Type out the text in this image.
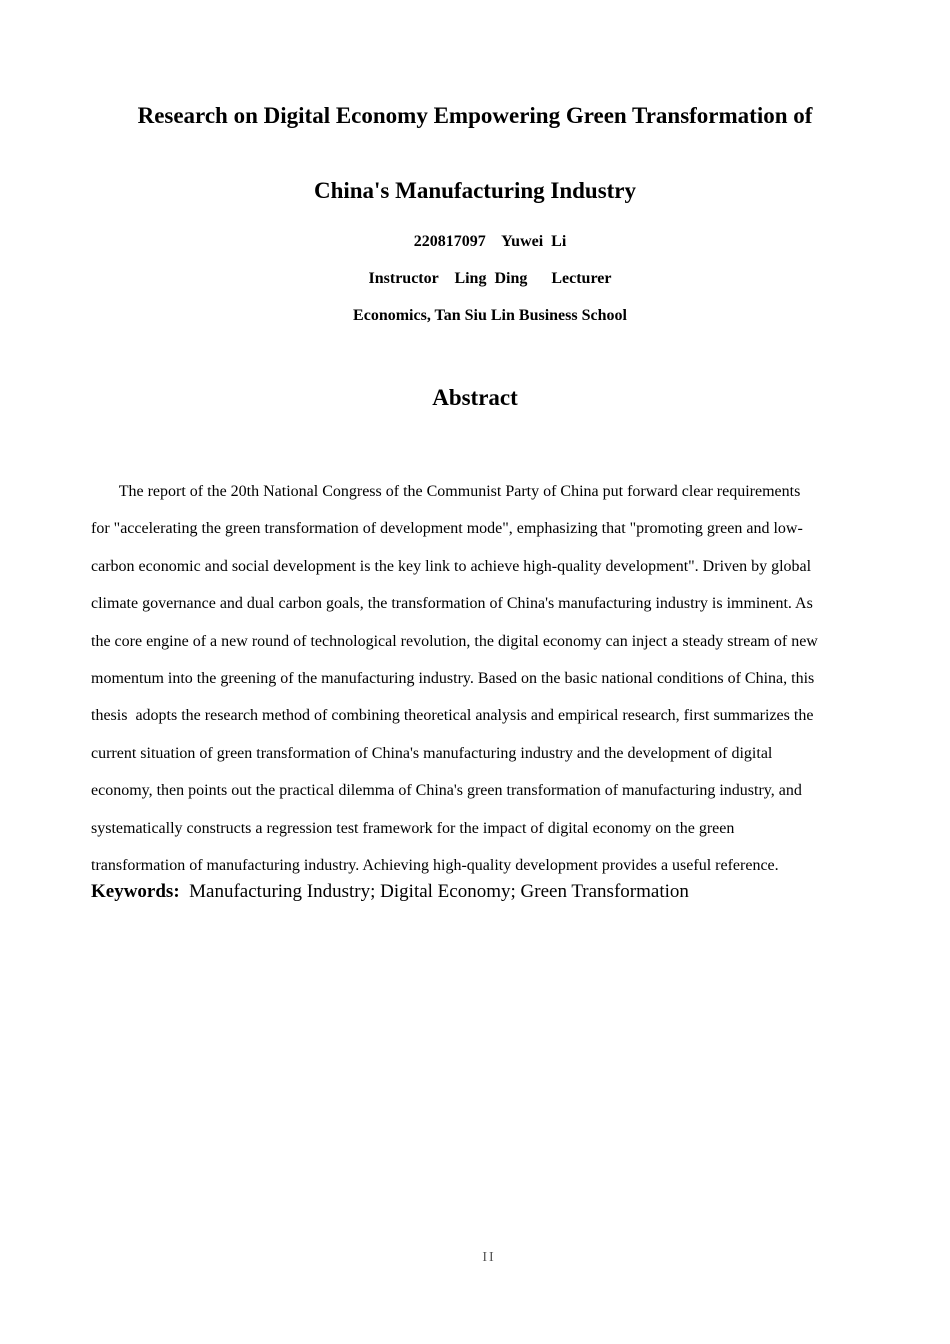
Research on Digital Economy Empowering Green Transformation of
China's Manufacturing Industry
220817097    Yuwei  Li
Instructor    Ling  Ding      Lecturer
Economics, Tan Siu Lin Business School
Abstract
The report of the 20th National Congress of the Communist Party of China put forward clear requirements
for "accelerating the green transformation of development mode", emphasizing that "promoting green and low-
carbon economic and social development is the key link to achieve high-quality development". Driven by global
climate governance and dual carbon goals, the transformation of China's manufacturing industry is imminent. As
the core engine of a new round of technological revolution, the digital economy can inject a steady stream of new
momentum into the greening of the manufacturing industry. Based on the basic national conditions of China, this
thesis  adopts the research method of combining theoretical analysis and empirical research, first summarizes the
current situation of green transformation of China's manufacturing industry and the development of digital
economy, then points out the practical dilemma of China's green transformation of manufacturing industry, and
systematically constructs a regression test framework for the impact of digital economy on the green
transformation of manufacturing industry. Achieving high-quality development provides a useful reference.
Keywords:  Manufacturing Industry; Digital Economy; Green Transformation
II
